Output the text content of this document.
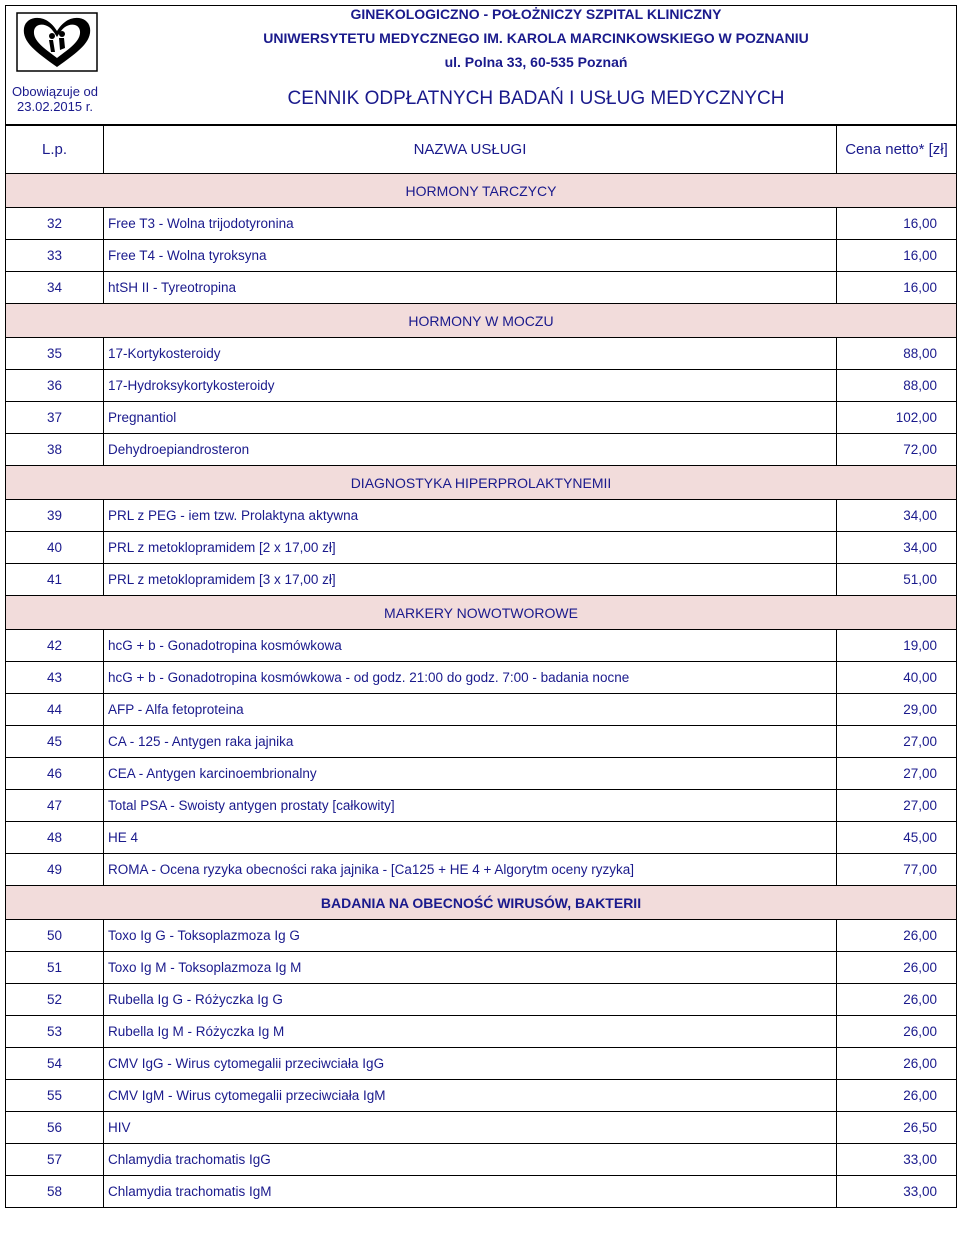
Obowiązuje od
23.02.2015 r.
GINEKOLOGICZNO - POŁOŻNICZY SZPITAL KLINICZNY
UNIWERSYTETU MEDYCZNEGO IM. KAROLA MARCINKOWSKIEGO W POZNANIU
ul. Polna 33, 60-535 Poznań
CENNIK ODPŁATNYCH BADAŃ I USŁUG MEDYCZNYCH
L.p.	NAZWA USŁUGI	Cena netto* [zł]
HORMONY TARCZYCY		
32	Free T3 - Wolna trijodotyronina	16,00
33	Free T4 - Wolna tyroksyna	16,00
34	htSH II - Tyreotropina	16,00
HORMONY W MOCZU		
35	17-Kortykosteroidy	88,00
36	17-Hydroksykortykosteroidy	88,00
37	Pregnantiol	102,00
38	Dehydroepiandrosteron	72,00
DIAGNOSTYKA HIPERPROLAKTYNEMII		
39	PRL z PEG - iem tzw. Prolaktyna aktywna	34,00
40	PRL z metoklopramidem [2 x 17,00 zł]	34,00
41	PRL z metoklopramidem [3 x 17,00 zł]	51,00
MARKERY NOWOTWOROWE		
42	hcG + b - Gonadotropina kosmówkowa	19,00
43	hcG + b - Gonadotropina kosmówkowa - od godz. 21:00 do godz. 7:00 - badania nocne	40,00
44	AFP - Alfa fetoproteina	29,00
45	CA - 125 - Antygen raka jajnika	27,00
46	CEA - Antygen karcinoembrionalny	27,00
47	Total PSA - Swoisty antygen prostaty [całkowity]	27,00
48	HE 4	45,00
49	ROMA - Ocena ryzyka obecności raka jajnika - [Ca125 + HE 4 + Algorytm oceny ryzyka]	77,00
BADANIA NA OBECNOŚĆ WIRUSÓW, BAKTERII		
50	Toxo Ig G - Toksoplazmoza Ig G	26,00
51	Toxo Ig M - Toksoplazmoza Ig M	26,00
52	Rubella Ig G - Różyczka Ig G	26,00
53	Rubella Ig M - Różyczka Ig M	26,00
54	CMV IgG - Wirus cytomegalii przeciwciała IgG	26,00
55	CMV IgM - Wirus cytomegalii przeciwciała IgM	26,00
56	HIV	26,50
57	Chlamydia trachomatis IgG	33,00
58	Chlamydia trachomatis IgM	33,00
